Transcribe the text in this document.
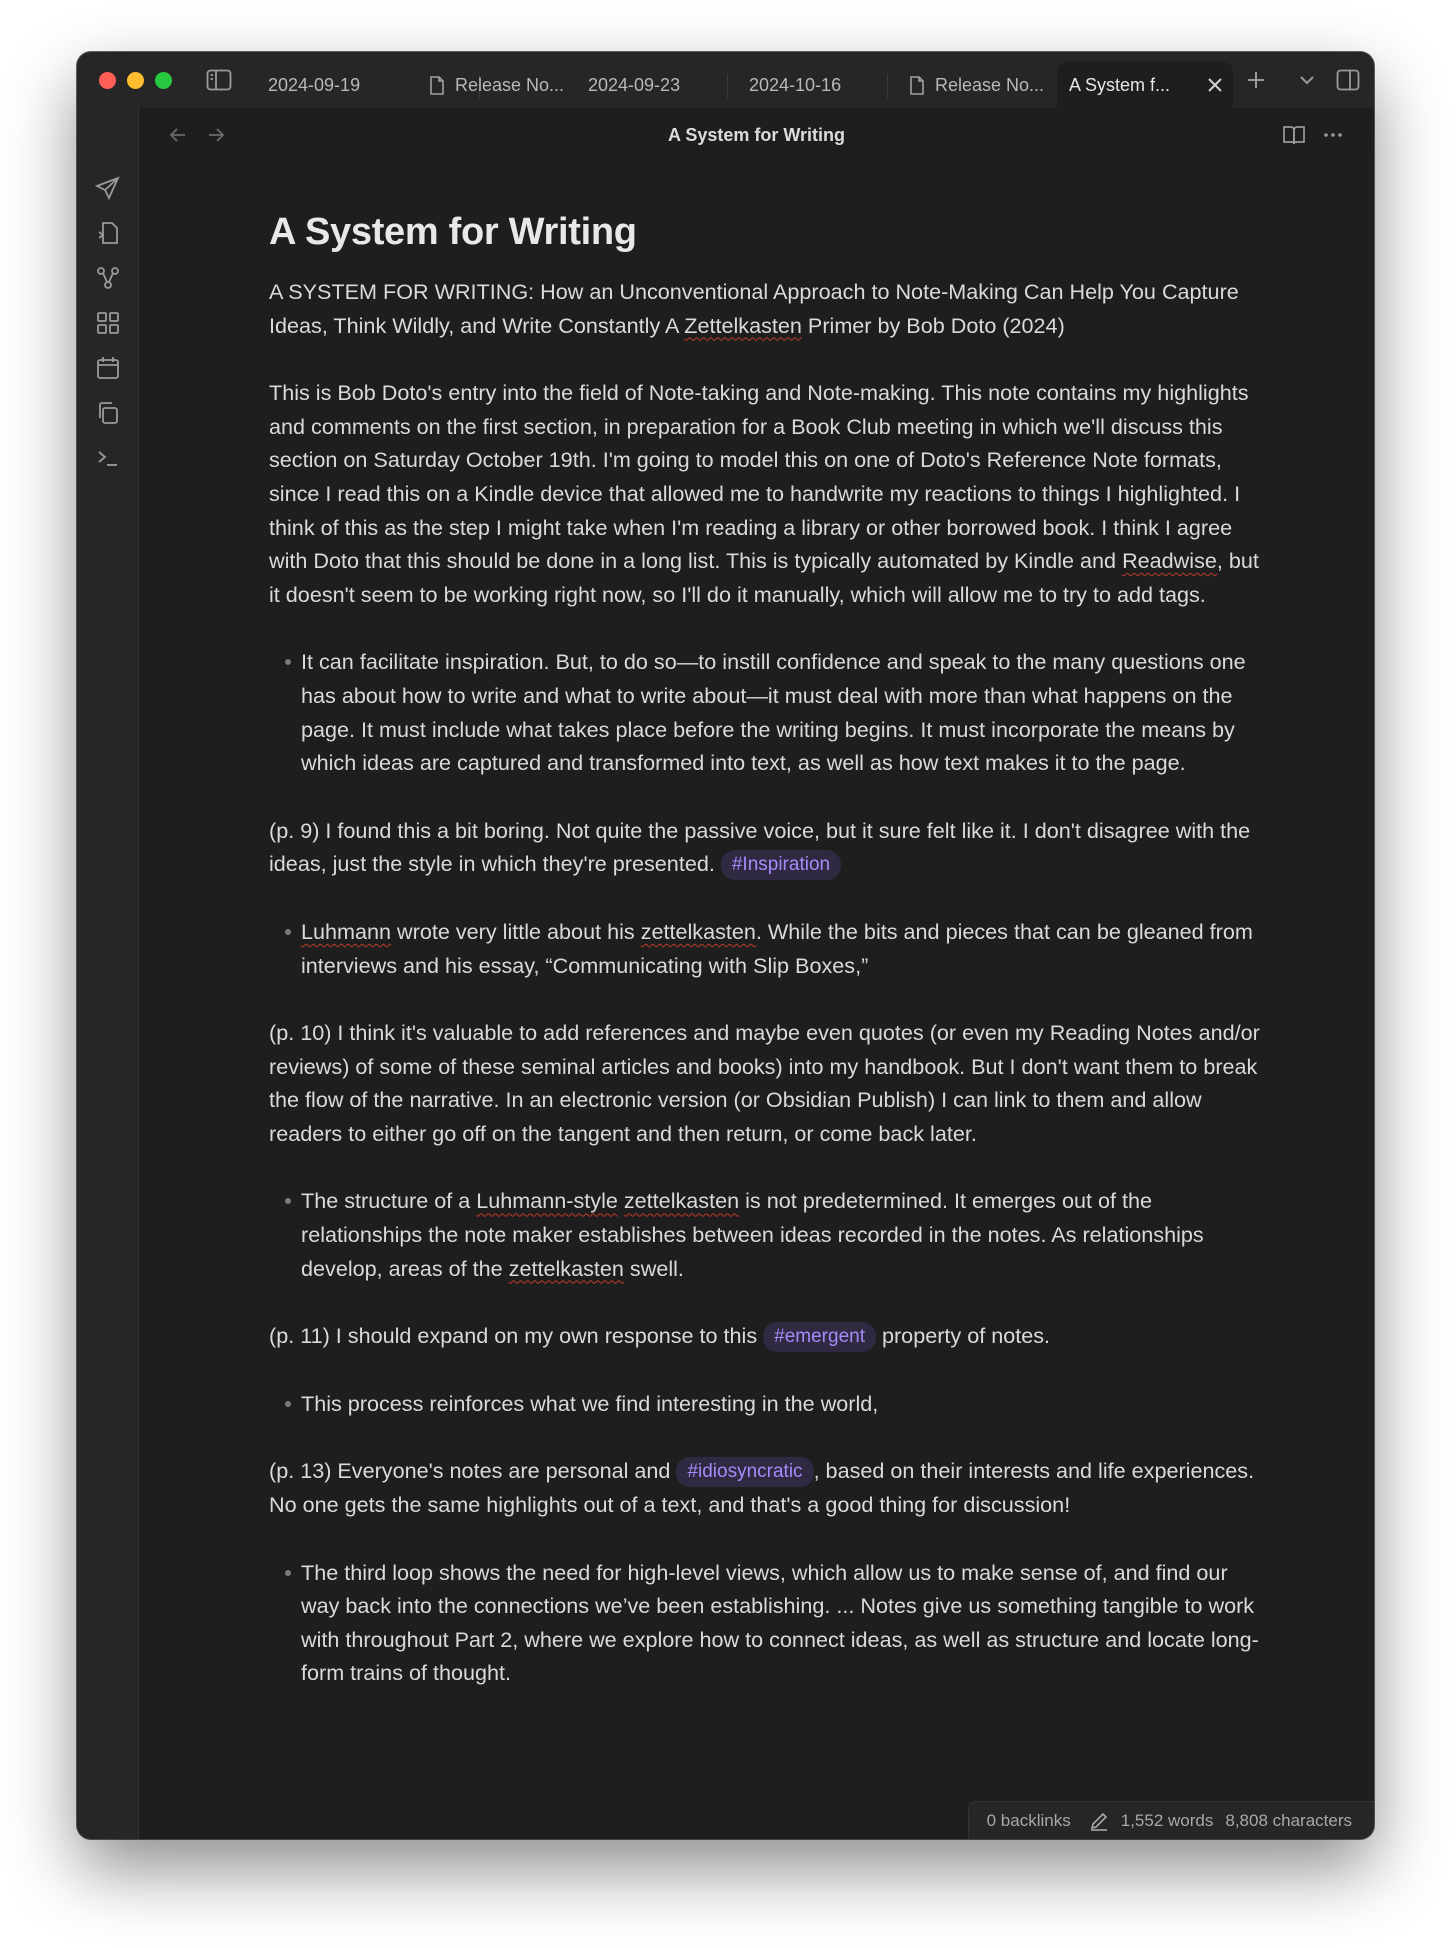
2024-09-19	Release No... 2024-09-23	2024-10-16	Release No... A System f...
A System for Writing
A System for Writing

A SYSTEM FOR WRITING: How an Unconventional Approach to Note-Making Can Help You Capture Ideas, Think Wildly, and Write Constantly A Zettelkasten Primer by Bob Doto (2024)

This is Bob Doto's entry into the field of Note-taking and Note-making. This note contains my highlights and comments on the first section, in preparation for a Book Club meeting in which we'll discuss this section on Saturday October 19th. I'm going to model this on one of Doto's Reference Note formats, since I read this on a Kindle device that allowed me to handwrite my reactions to things I highlighted. I think of this as the step I might take when I'm reading a library or other borrowed book. I think I agree with Doto that this should be done in a long list. This is typically automated by Kindle and Readwise, but it doesn't seem to be working right now, so I'll do it manually, which will allow me to try to add tags.

It can facilitate inspiration. But, to do so—to instill confidence and speak to the many questions one has about how to write and what to write about—it must deal with more than what happens on the page. It must include what takes place before the writing begins. It must incorporate the means by which ideas are captured and transformed into text, as well as how text makes it to the page.

(p. 9) I found this a bit boring. Not quite the passive voice, but it sure felt like it. I don't disagree with the ideas, just the style in which they're presented. #Inspiration

Luhmann wrote very little about his zettelkasten. While the bits and pieces that can be gleaned from interviews and his essay, “Communicating with Slip Boxes,”

(p. 10) I think it's valuable to add references and maybe even quotes (or even my Reading Notes and/or reviews) of some of these seminal articles and books) into my handbook. But I don't want them to break the flow of the narrative. In an electronic version (or Obsidian Publish) I can link to them and allow readers to either go off on the tangent and then return, or come back later.

The structure of a Luhmann-style zettelkasten is not predetermined. It emerges out of the relationships the note maker establishes between ideas recorded in the notes. As relationships develop, areas of the zettelkasten swell.

(p. 11) I should expand on my own response to this #emergent property of notes.

This process reinforces what we find interesting in the world,

(p. 13) Everyone's notes are personal and #idiosyncratic , based on their interests and life experiences. No one gets the same highlights out of a text, and that's a good thing for discussion!

The third loop shows the need for high-level views, which allow us to make sense of, and find our way back into the connections we’ve been establishing. ... Notes give us something tangible to work with throughout Part 2, where we explore how to connect ideas, as well as structure and locate long-form trains of thought.
0 backlinks	1,552 words 8,808 characters
